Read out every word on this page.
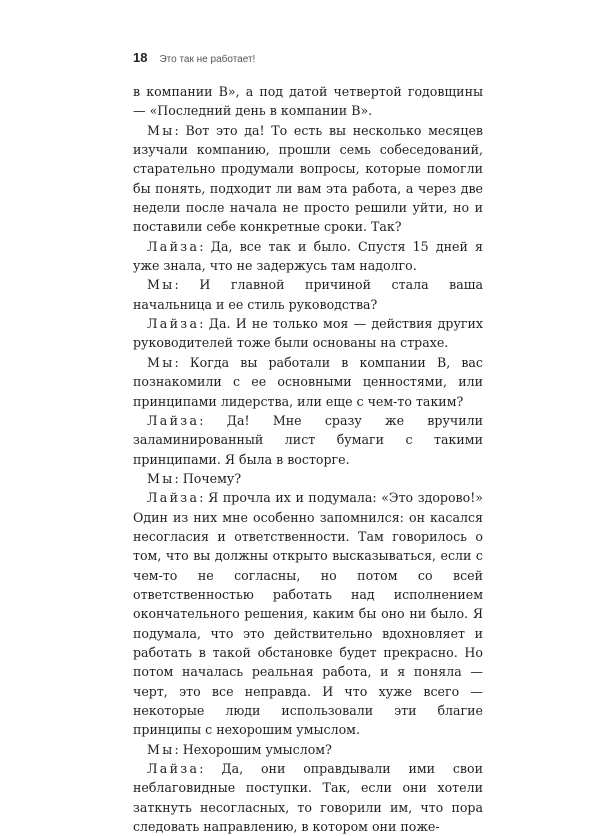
18 Это так не работает!

в компании В», а под датой четвертой годовщины — «Последний день в компании В».

Мы: Вот это да! То есть вы несколько месяцев изучали компанию, прошли семь собеседований, старательно продумали вопросы, которые помогли бы понять, подходит ли вам эта работа, а через две недели после начала не просто решили уйти, но и поставили себе конкретные сроки. Так?

Лайза: Да, все так и было. Спустя 15 дней я уже знала, что не задержусь там надолго.

Мы: И главной причиной стала ваша начальница и ее стиль руководства?

Лайза: Да. И не только моя — действия других руководителей тоже были основаны на страхе.

Мы: Когда вы работали в компании В, вас познакомили с ее основными ценностями, или принципами лидерства, или еще с чем-то таким?

Лайза: Да! Мне сразу же вручили заламинированный лист бумаги с такими принципами. Я была в восторге.

Мы: Почему?

Лайза: Я прочла их и подумала: «Это здорово!» Один из них мне особенно запомнился: он касался несогласия и ответственности. Там говорилось о том, что вы должны открыто высказываться, если с чем-то не согласны, но потом со всей ответственностью работать над исполнением окончательного решения, каким бы оно ни было. Я подумала, что это действительно вдохновляет и работать в такой обстановке будет прекрасно. Но потом началась реальная работа, и я поняла — черт, это все неправда. И что хуже всего — некоторые люди использовали эти благие принципы с нехорошим умыслом.

Мы: Нехорошим умыслом?

Лайза: Да, они оправдывали ими свои неблаговидные поступки. Так, если они хотели заткнуть несогласных, то говорили им, что пора следовать направлению, в котором они поже-
